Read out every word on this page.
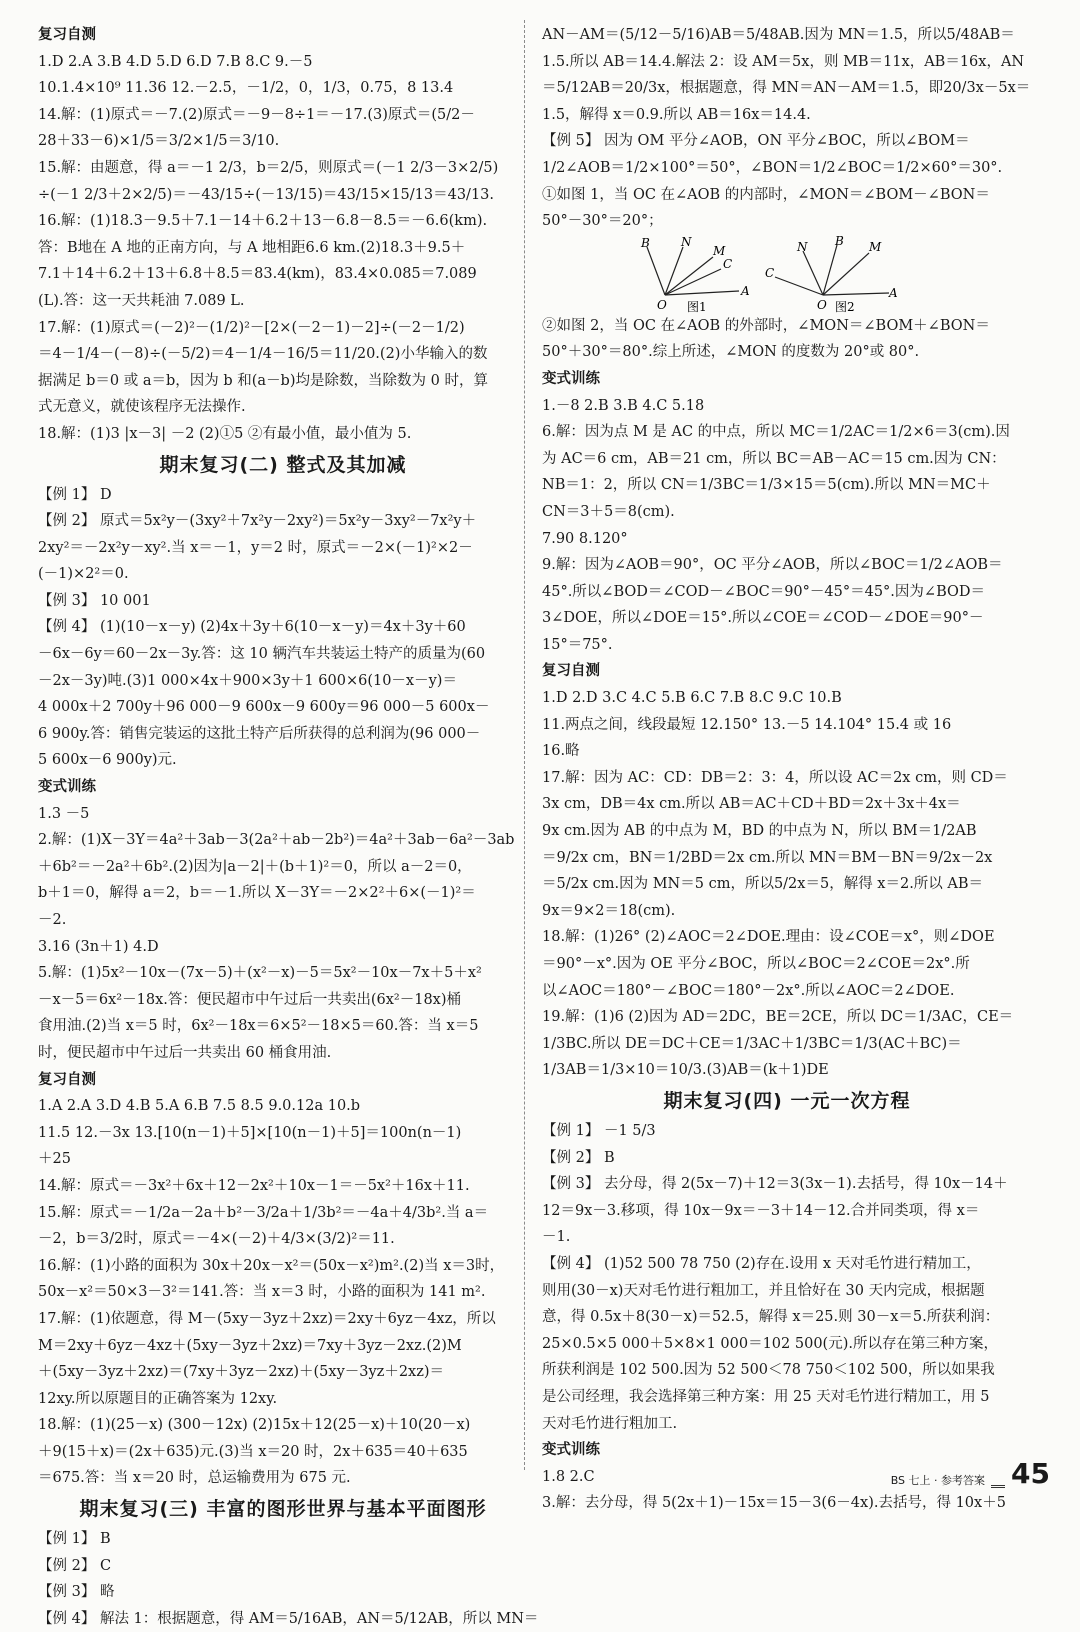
复习自测
1.D 2.A 3.B 4.D 5.D 6.D 7.B 8.C 9.－5
10.1.4×10⁹ 11.36 12.－2.5，－1/2，0，1/3，0.75，8 13.4
14.解：(1)原式＝－7.(2)原式＝－9－8÷1＝－17.(3)原式＝(5/2－
28＋33－6)×1/5＝3/2×1/5＝3/10.
15.解：由题意，得 a＝－1 2/3，b＝2/5，则原式＝(－1 2/3－3×2/5)
÷(－1 2/3＋2×2/5)＝－43/15÷(－13/15)＝43/15×15/13＝43/13.
16.解：(1)18.3－9.5＋7.1－14＋6.2＋13－6.8－8.5＝－6.6(km).
答：B地在 A 地的正南方向，与 A 地相距6.6 km.(2)18.3＋9.5＋
7.1＋14＋6.2＋13＋6.8＋8.5＝83.4(km)，83.4×0.085＝7.089
(L).答：这一天共耗油 7.089 L.
17.解：(1)原式＝(－2)²－(1/2)²－[2×(－2－1)－2]÷(－2－1/2)
＝4－1/4－(－8)÷(－5/2)＝4－1/4－16/5＝11/20.(2)小华输入的数
据满足 b＝0 或 a＝b，因为 b 和(a－b)均是除数，当除数为 0 时，算
式无意义，就使该程序无法操作.
18.解：(1)3 |x－3| －2 (2)①5 ②有最小值，最小值为 5.
期末复习(二) 整式及其加减
【例 1】 D
【例 2】 原式＝5x²y－(3xy²＋7x²y－2xy²)＝5x²y－3xy²－7x²y＋
2xy²＝－2x²y－xy².当 x＝－1，y＝2 时，原式＝－2×(－1)²×2－
(－1)×2²＝0.
【例 3】 10 001
【例 4】 (1)(10－x－y) (2)4x＋3y＋6(10－x－y)＝4x＋3y＋60
－6x－6y＝60－2x－3y.答：这 10 辆汽车共装运土特产的质量为(60
－2x－3y)吨.(3)1 000×4x＋900×3y＋1 600×6(10－x－y)＝
4 000x＋2 700y＋96 000－9 600x－9 600y＝96 000－5 600x－
6 900y.答：销售完装运的这批土特产后所获得的总利润为(96 000－
5 600x－6 900y)元.
变式训练
1.3 －5
2.解：(1)X－3Y＝4a²＋3ab－3(2a²＋ab－2b²)＝4a²＋3ab－6a²－3ab
＋6b²＝－2a²＋6b².(2)因为|a－2|＋(b＋1)²＝0，所以 a－2＝0，
b＋1＝0，解得 a＝2，b＝－1.所以 X－3Y＝－2×2²＋6×(－1)²＝
－2.
3.16 (3n＋1) 4.D
5.解：(1)5x²－10x－(7x－5)＋(x²－x)－5＝5x²－10x－7x＋5＋x²
－x－5＝6x²－18x.答：便民超市中午过后一共卖出(6x²－18x)桶
食用油.(2)当 x＝5 时，6x²－18x＝6×5²－18×5＝60.答：当 x＝5
时，便民超市中午过后一共卖出 60 桶食用油.
复习自测
1.A 2.A 3.D 4.B 5.A 6.B 7.5 8.5 9.0.12a 10.b
11.5 12.－3x 13.[10(n－1)＋5]×[10(n－1)＋5]＝100n(n－1)
＋25
14.解：原式＝－3x²＋6x＋12－2x²＋10x－1＝－5x²＋16x＋11.
15.解：原式＝－1/2a－2a＋b²－3/2a＋1/3b²＝－4a＋4/3b².当 a＝
－2，b＝3/2时，原式＝－4×(－2)＋4/3×(3/2)²＝11.
16.解：(1)小路的面积为 30x＋20x－x²＝(50x－x²)m².(2)当 x＝3时，
50x－x²＝50×3－3²＝141.答：当 x＝3 时，小路的面积为 141 m².
17.解：(1)依题意，得 M－(5xy－3yz＋2xz)＝2xy＋6yz－4xz，所以
M＝2xy＋6yz－4xz＋(5xy－3yz＋2xz)＝7xy＋3yz－2xz.(2)M
＋(5xy－3yz＋2xz)＝(7xy＋3yz－2xz)＋(5xy－3yz＋2xz)＝
12xy.所以原题目的正确答案为 12xy.
18.解：(1)(25－x) (300－12x) (2)15x＋12(25－x)＋10(20－x)
＋9(15＋x)＝(2x＋635)元.(3)当 x＝20 时，2x＋635＝40＋635
＝675.答：当 x＝20 时，总运输费用为 675 元.
期末复习(三) 丰富的图形世界与基本平面图形
【例 1】 B
【例 2】 C
【例 3】 略
【例 4】 解法 1：根据题意，得 AM＝5/16AB，AN＝5/12AB，所以 MN＝
AN－AM＝(5/12－5/16)AB＝5/48AB.因为 MN＝1.5，所以5/48AB＝
1.5.所以 AB＝14.4.解法 2：设 AM＝5x，则 MB＝11x，AB＝16x，AN
＝5/12AB＝20/3x，根据题意，得 MN＝AN－AM＝1.5，即20/3x－5x＝
1.5，解得 x＝0.9.所以 AB＝16x＝14.4.
【例 5】 因为 OM 平分∠AOB，ON 平分∠BOC，所以∠BOM＝
1/2∠AOB＝1/2×100°＝50°，∠BON＝1/2∠BOC＝1/2×60°＝30°.
①如图 1，当 OC 在∠AOB 的内部时，∠MON＝∠BOM－∠BON＝
50°－30°＝20°；
B	N
M
C
A
O 图1
N B M
C
A
O 图2
②如图 2，当 OC 在∠AOB 的外部时，∠MON＝∠BOM＋∠BON＝
50°＋30°＝80°.综上所述，∠MON 的度数为 20°或 80°.
变式训练
1.－8 2.B 3.B 4.C 5.18
6.解：因为点 M 是 AC 的中点，所以 MC＝1/2AC＝1/2×6＝3(cm).因
为 AC＝6 cm，AB＝21 cm，所以 BC＝AB－AC＝15 cm.因为 CN：
NB＝1：2，所以 CN＝1/3BC＝1/3×15＝5(cm).所以 MN＝MC＋
CN＝3＋5＝8(cm).
7.90 8.120°
9.解：因为∠AOB＝90°，OC 平分∠AOB，所以∠BOC＝1/2∠AOB＝
45°.所以∠BOD＝∠COD－∠BOC＝90°－45°＝45°.因为∠BOD＝
3∠DOE，所以∠DOE＝15°.所以∠COE＝∠COD－∠DOE＝90°－
15°＝75°.
复习自测
1.D 2.D 3.C 4.C 5.B 6.C 7.B 8.C 9.C 10.B
11.两点之间，线段最短 12.150° 13.－5 14.104° 15.4 或 16
16.略
17.解：因为 AC：CD：DB＝2：3：4，所以设 AC＝2x cm，则 CD＝
3x cm，DB＝4x cm.所以 AB＝AC＋CD＋BD＝2x＋3x＋4x＝
9x cm.因为 AB 的中点为 M，BD 的中点为 N，所以 BM＝1/2AB
＝9/2x cm，BN＝1/2BD＝2x cm.所以 MN＝BM－BN＝9/2x－2x
＝5/2x cm.因为 MN＝5 cm，所以5/2x＝5，解得 x＝2.所以 AB＝
9x＝9×2＝18(cm).
18.解：(1)26° (2)∠AOC＝2∠DOE.理由：设∠COE＝x°，则∠DOE
＝90°－x°.因为 OE 平分∠BOC，所以∠BOC＝2∠COE＝2x°.所
以∠AOC＝180°－∠BOC＝180°－2x°.所以∠AOC＝2∠DOE.
19.解：(1)6 (2)因为 AD＝2DC，BE＝2CE，所以 DC＝1/3AC，CE＝
1/3BC.所以 DE＝DC＋CE＝1/3AC＋1/3BC＝1/3(AC＋BC)＝
1/3AB＝1/3×10＝10/3.(3)AB＝(k＋1)DE
期末复习(四) 一元一次方程
【例 1】 －1 5/3
【例 2】 B
【例 3】 去分母，得 2(5x－7)＋12＝3(3x－1).去括号，得 10x－14＋
12＝9x－3.移项，得 10x－9x＝－3＋14－12.合并同类项，得 x＝
－1.
【例 4】 (1)52 500 78 750 (2)存在.设用 x 天对毛竹进行精加工，
则用(30－x)天对毛竹进行粗加工，并且恰好在 30 天内完成，根据题
意，得 0.5x＋8(30－x)＝52.5，解得 x＝25.则 30－x＝5.所获利润：
25×0.5×5 000＋5×8×1 000＝102 500(元).所以存在第三种方案，
所获利润是 102 500.因为 52 500＜78 750＜102 500，所以如果我
是公司经理，我会选择第三种方案：用 25 天对毛竹进行精加工，用 5
天对毛竹进行粗加工.
变式训练
1.8 2.C
3.解：去分母，得 5(2x＋1)－15x＝15－3(6－4x).去括号，得 10x＋5
BS 七上 · 参考答案 45
